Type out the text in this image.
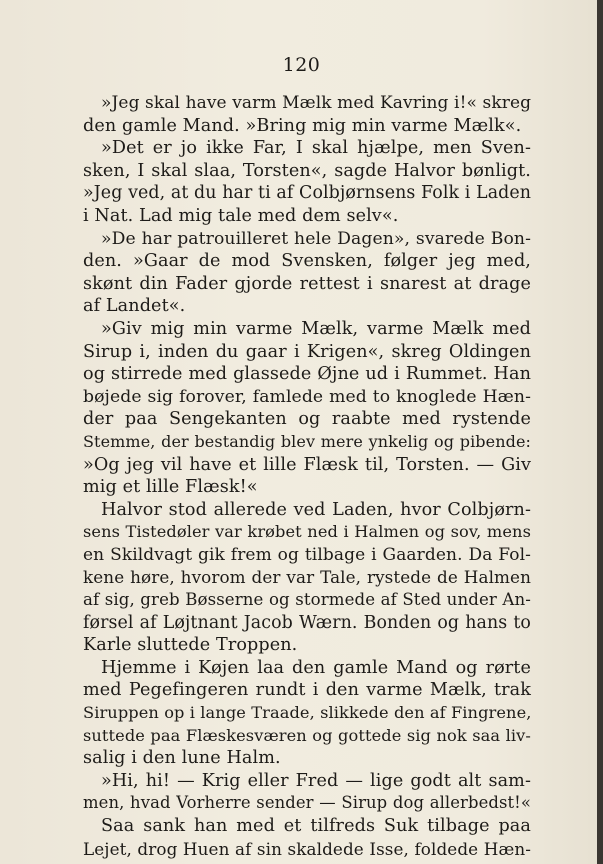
120
»Jeg skal have varm Mælk med Kavring i!« skreg
den gamle Mand. »Bring mig min varme Mælk«.
»Det er jo ikke Far, I skal hjælpe, men Sven-
sken, I skal slaa, Torsten«, sagde Halvor bønligt.
»Jeg ved, at du har ti af Colbjørnsens Folk i Laden
i Nat. Lad mig tale med dem selv«.
»De har patrouilleret hele Dagen», svarede Bon-
den. »Gaar de mod Svensken, følger jeg med,
skønt din Fader gjorde rettest i snarest at drage
af Landet«.
»Giv mig min varme Mælk, varme Mælk med
Sirup i, inden du gaar i Krigen«, skreg Oldingen
og stirrede med glassede Øjne ud i Rummet. Han
bøjede sig forover, famlede med to knoglede Hæn-
der paa Sengekanten og raabte med rystende
Stemme, der bestandig blev mere ynkelig og pibende:
»Og jeg vil have et lille Flæsk til, Torsten. — Giv
mig et lille Flæsk!«
Halvor stod allerede ved Laden, hvor Colbjørn-
sens Tistedøler var krøbet ned i Halmen og sov, mens
en Skildvagt gik frem og tilbage i Gaarden. Da Fol-
kene høre, hvorom der var Tale, rystede de Halmen
af sig, greb Bøsserne og stormede af Sted under An-
førsel af Løjtnant Jacob Wærn. Bonden og hans to
Karle sluttede Troppen.
Hjemme i Køjen laa den gamle Mand og rørte
med Pegefingeren rundt i den varme Mælk, trak
Siruppen op i lange Traade, slikkede den af Fingrene,
suttede paa Flæskesværen og gottede sig nok saa liv-
salig i den lune Halm.
»Hi, hi! — Krig eller Fred — lige godt alt sam-
men, hvad Vorherre sender — Sirup dog allerbedst!«
Saa sank han med et tilfreds Suk tilbage paa
Lejet, drog Huen af sin skaldede Isse, foldede Hæn-
